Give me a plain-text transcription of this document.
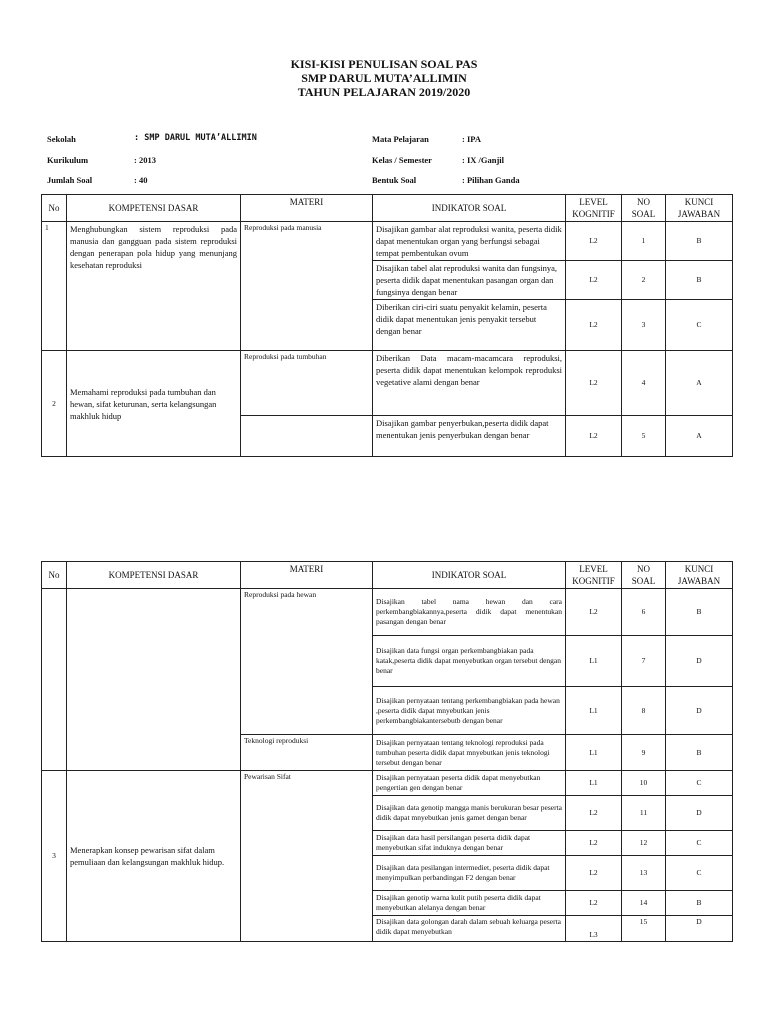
KISI-KISI PENULISAN SOAL PAS
SMP DARUL MUTA’ALLIMIN
TAHUN PELAJARAN 2019/2020
Sekolah	: SMP DARUL MUTA’ALLIMIN
Kurikulum	: 2013
Jumlah Soal	: 40
Mata Pelajaran	: IPA
Kelas / Semester	: IX /Ganjil
Bentuk Soal	: Pilihan Ganda
No	KOMPETENSI DASAR	MATERI	INDIKATOR SOAL	LEVEL KOGNITIF	NO SOAL	KUNCI JAWABAN
1	Menghubungkan sistem reproduksi pada manusia dan gangguan pada sistem reproduksi dengan penerapan pola hidup yang menunjang kesehatan reproduksi	Reproduksi pada manusia	Disajikan gambar alat reproduksi wanita, peserta didik dapat menentukan organ yang berfungsi sebagai tempat pembentukan ovum	L2	1	B
			Disajikan tabel alat reproduksi wanita dan fungsinya, peserta didik dapat menentukan pasangan organ dan fungsinya dengan benar	L2	2	B
			Diberikan ciri-ciri suatu penyakit kelamin, peserta didik dapat menentukan jenis penyakit tersebut dengan benar	L2	3	C
2	Memahami reproduksi pada tumbuhan dan hewan, sifat keturunan, serta kelangsungan makhluk hidup	Reproduksi pada tumbuhan	Diberikan Data macam-macamcara reproduksi, peserta didik dapat menentukan kelompok reproduksi vegetative alami dengan benar	L2	4	A
			Disajikan gambar penyerbukan,peserta didik dapat menentukan jenis penyerbukan dengan benar	L2	5	A
No	KOMPETENSI DASAR	MATERI	INDIKATOR SOAL	LEVEL KOGNITIF	NO SOAL	KUNCI JAWABAN
		Reproduksi pada hewan	Disajikan tabel nama hewan dan cara perkembangbiakannya,peserta didik dapat menentukan pasangan dengan benar	L2	6	B
			Disajikan data fungsi organ perkembangbiakan pada katak,peserta didik dapat menyebutkan organ tersebut dengan benar	L1	7	D
			Disajikan pernyataan tentang perkembangbiakan pada hewan ,peserta didik dapat mnyebutkan jenis perkembangbiakantersebutb dengan benar	L1	8	D
		Teknologi reproduksi	Disajikan pernyataan tentang teknologi reproduksi pada tumbuhan peserta didik dapat mnyebutkan jenis teknologi tersebut dengan benar	L1	9	B
3	Menerapkan konsep pewarisan sifat dalam pemuliaan dan kelangsungan makhluk hidup.	Pewarisan Sifat	Disajikan pernyataan peserta didik dapat menyebutkan pengertian gen dengan benar	L1	10	C
			Disajikan data genotip mangga manis berukuran besar peserta didik dapat mnyebutkan jenis gamet dengan benar	L2	11	D
			Disajikan data hasil persilangan peserta didik dapat menyebutkan sifat induknya dengan benar	L2	12	C
			Disajikan data pesilangan intermediet, peserta didik dapat menyimpulkan perbandingan F2 dengan benar	L2	13	C
			Disajikan genotip warna kulit putih peserta didik dapat menyebutkan alelanya dengan benar	L2	14	B
			Disajikan data golongan darah dalam sebuah keluarga peserta didik dapat menyebutkan	L3	15	D
